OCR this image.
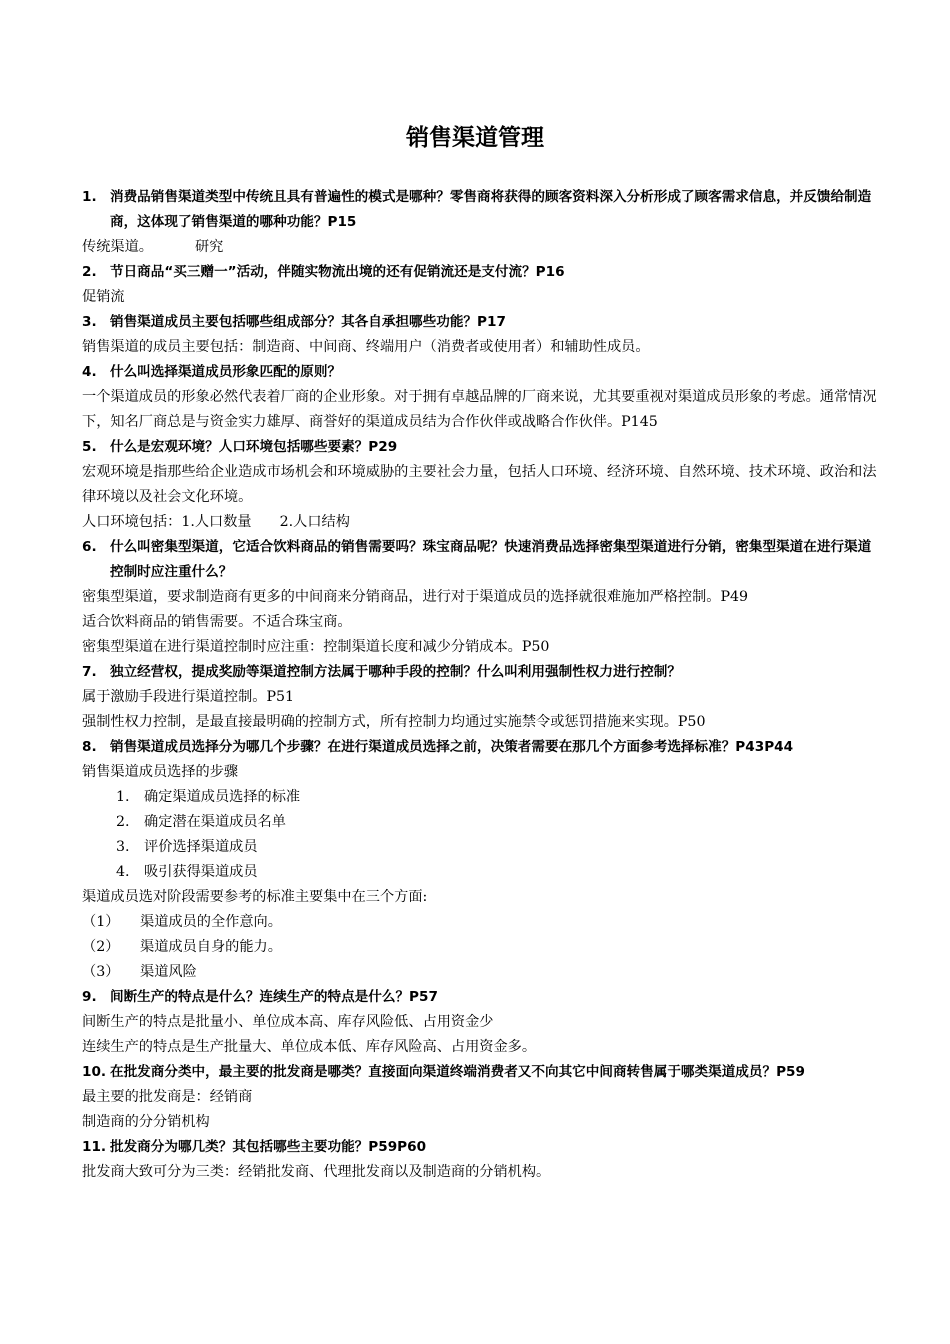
销售渠道管理
1. 消费品销售渠道类型中传统且具有普遍性的模式是哪种？零售商将获得的顾客资料深入分析形成了顾客需求信息，并反馈给制造商，这体现了销售渠道的哪种功能？P15
传统渠道。	研究
2. 节日商品“买三赠一”活动，伴随实物流出境的还有促销流还是支付流？P16
促销流
3. 销售渠道成员主要包括哪些组成部分？其各自承担哪些功能？P17
销售渠道的成员主要包括：制造商、中间商、终端用户（消费者或使用者）和辅助性成员。
4. 什么叫选择渠道成员形象匹配的原则？
一个渠道成员的形象必然代表着厂商的企业形象。对于拥有卓越品牌的厂商来说，尤其要重视对渠道成员形象的考虑。通常情况下，知名厂商总是与资金实力雄厚、商誉好的渠道成员结为合作伙伴或战略合作伙伴。P145
5. 什么是宏观环境？人口环境包括哪些要素？P29
宏观环境是指那些给企业造成市场机会和环境威胁的主要社会力量，包括人口环境、经济环境、自然环境、技术环境、政治和法律环境以及社会文化环境。
人口环境包括：1.人口数量 2.人口结构
6. 什么叫密集型渠道，它适合饮料商品的销售需要吗？珠宝商品呢？快速消费品选择密集型渠道进行分销，密集型渠道在进行渠道控制时应注重什么？
密集型渠道，要求制造商有更多的中间商来分销商品，进行对于渠道成员的选择就很难施加严格控制。P49
适合饮料商品的销售需要。不适合珠宝商。
密集型渠道在进行渠道控制时应注重：控制渠道长度和减少分销成本。P50
7. 独立经营权，提成奖励等渠道控制方法属于哪种手段的控制？什么叫利用强制性权力进行控制？
属于激励手段进行渠道控制。P51
强制性权力控制，是最直接最明确的控制方式，所有控制力均通过实施禁令或惩罚措施来实现。P50
8. 销售渠道成员选择分为哪几个步骤？在进行渠道成员选择之前，决策者需要在那几个方面参考选择标准？P43P44
销售渠道成员选择的步骤
1. 确定渠道成员选择的标准
2. 确定潜在渠道成员名单
3. 评价选择渠道成员
4. 吸引获得渠道成员
渠道成员选对阶段需要参考的标准主要集中在三个方面:
（1） 渠道成员的全作意向。
（2） 渠道成员自身的能力。
（3） 渠道风险
9. 间断生产的特点是什么？连续生产的特点是什么？P57
间断生产的特点是批量小、单位成本高、库存风险低、占用资金少
连续生产的特点是生产批量大、单位成本低、库存风险高、占用资金多。
10. 在批发商分类中，最主要的批发商是哪类？直接面向渠道终端消费者又不向其它中间商转售属于哪类渠道成员？P59
最主要的批发商是：经销商
制造商的分分销机构
11. 批发商分为哪几类？其包括哪些主要功能？P59P60
批发商大致可分为三类：经销批发商、代理批发商以及制造商的分销机构。
